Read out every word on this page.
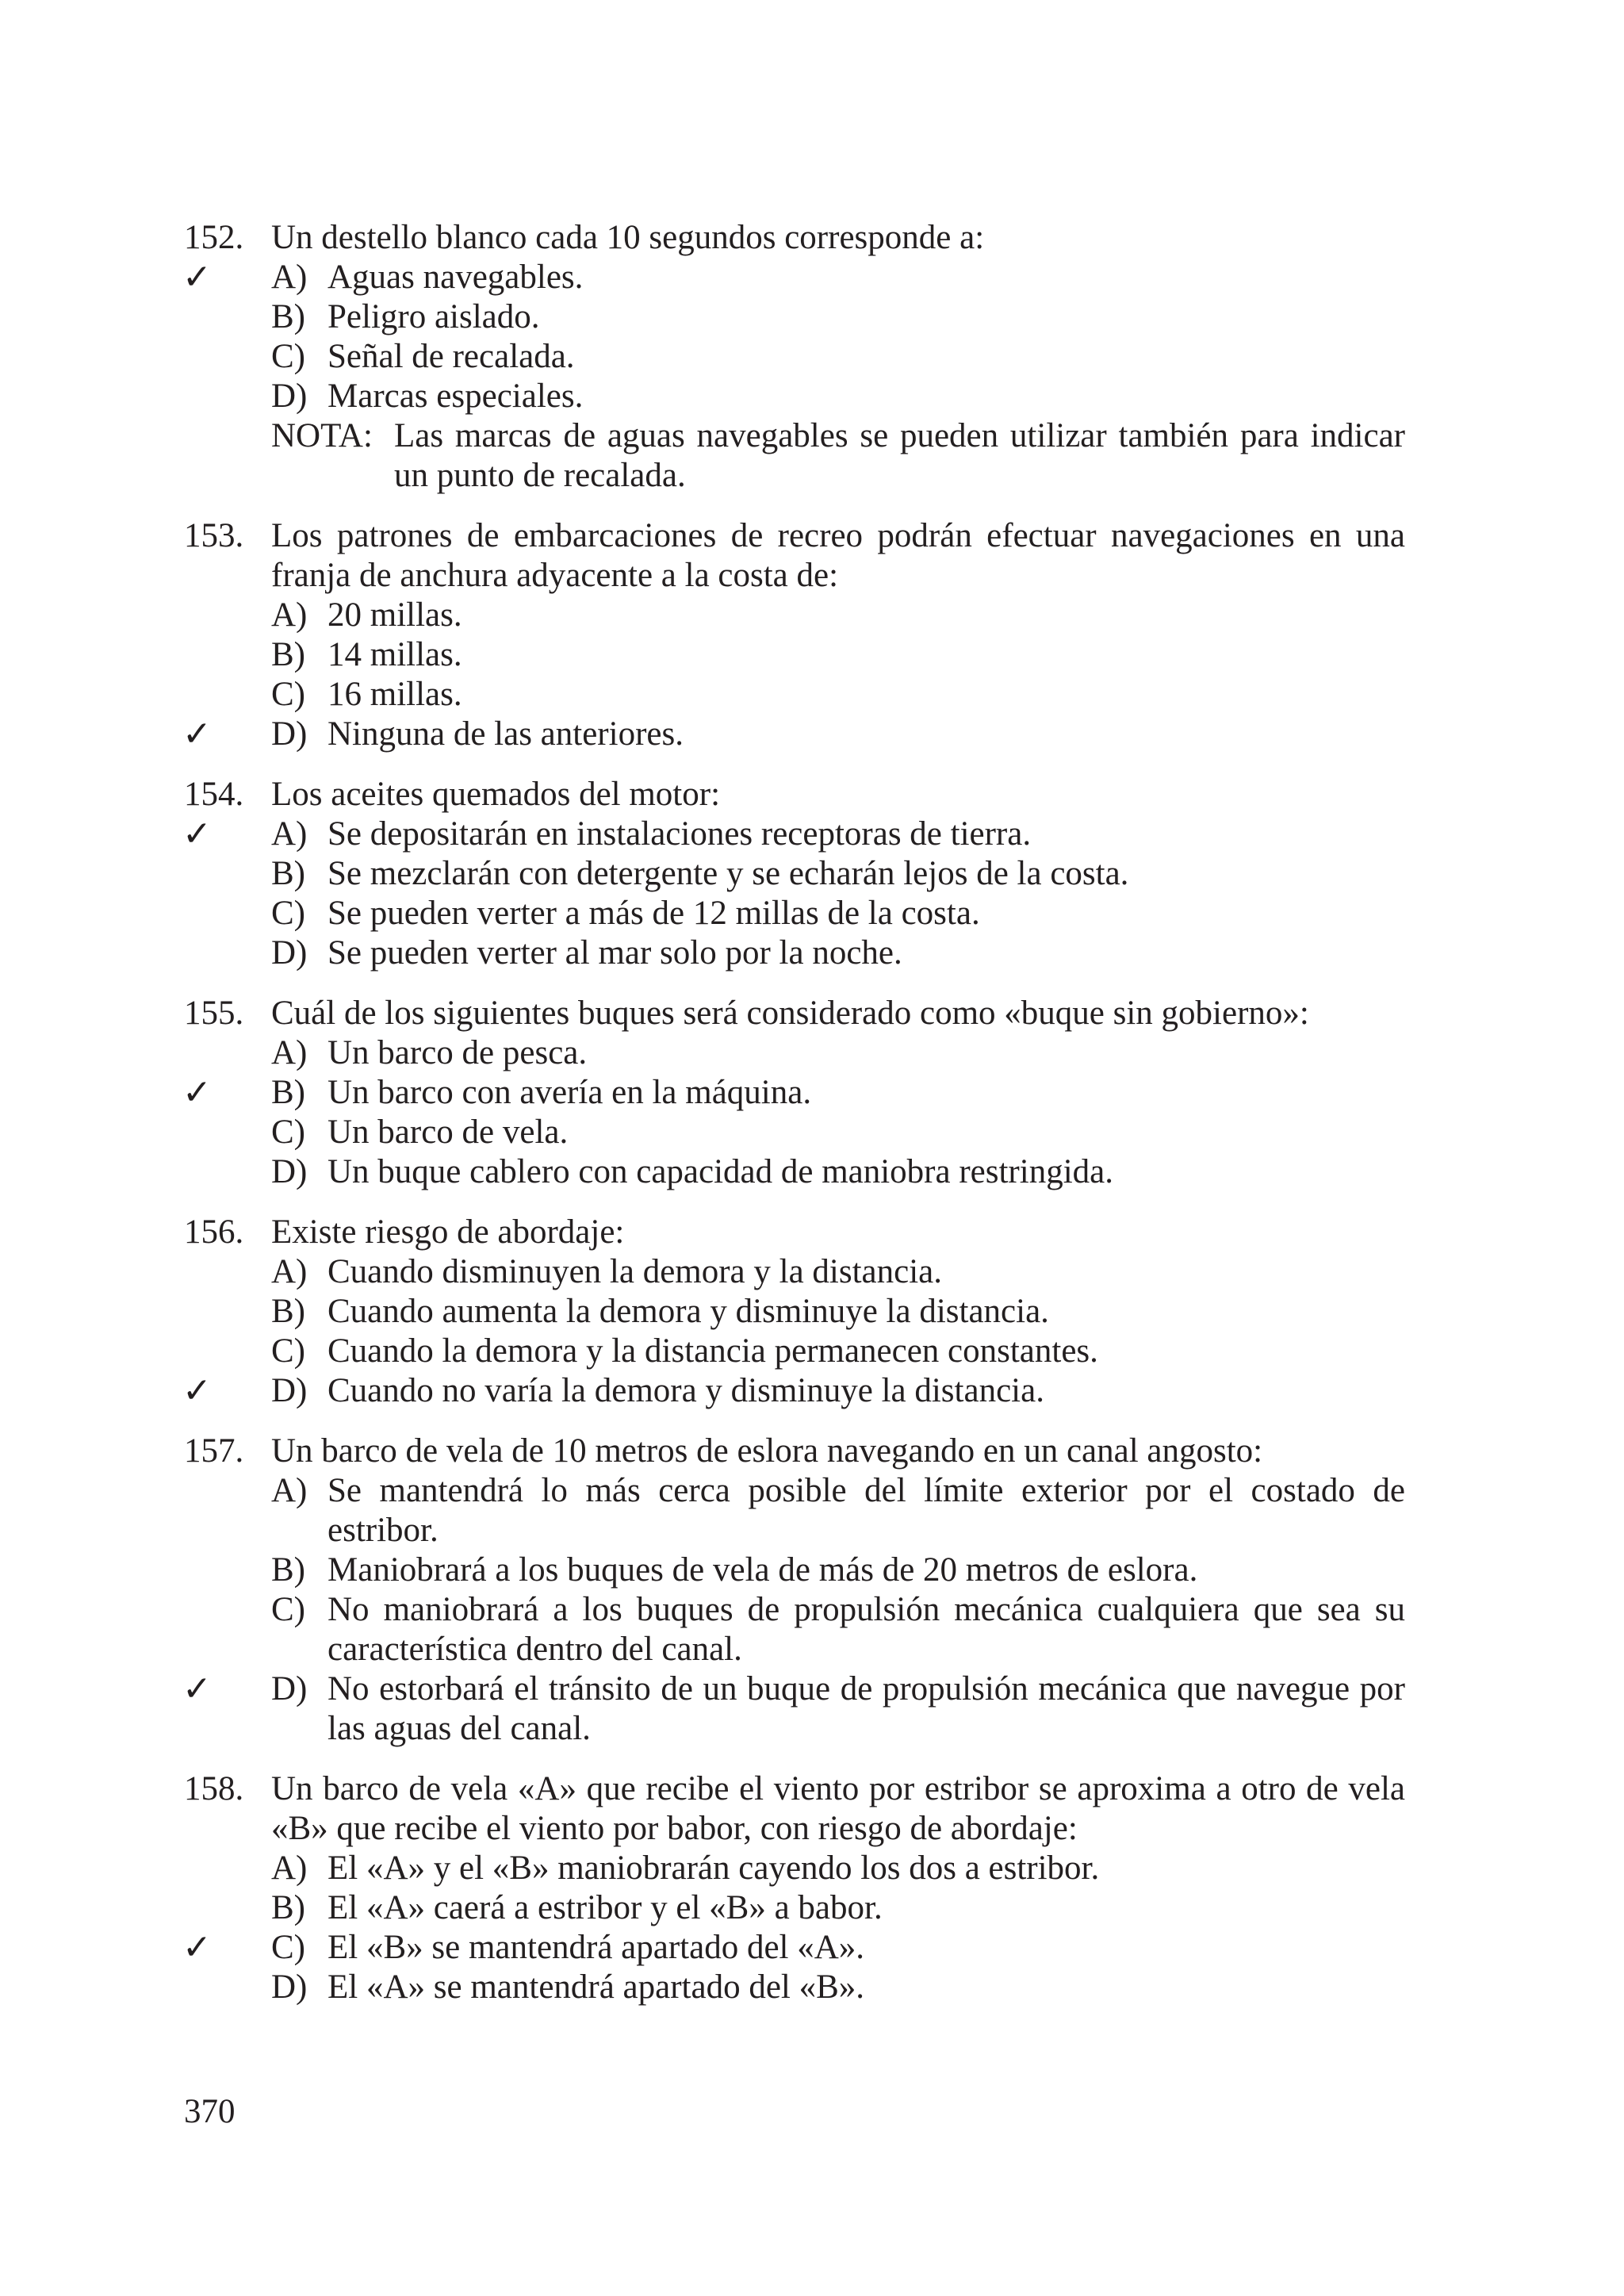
152. Un destello blanco cada 10 segundos corresponde a:
✓ A) Aguas navegables.
B) Peligro aislado.
C) Señal de recalada.
D) Marcas especiales.
NOTA: Las marcas de aguas navegables se pueden utilizar también para indicar un punto de recalada.
153. Los patrones de embarcaciones de recreo podrán efectuar navegaciones en una franja de anchura adyacente a la costa de:
A) 20 millas.
B) 14 millas.
C) 16 millas.
✓ D) Ninguna de las anteriores.
154. Los aceites quemados del motor:
✓ A) Se depositarán en instalaciones receptoras de tierra.
B) Se mezclarán con detergente y se echarán lejos de la costa.
C) Se pueden verter a más de 12 millas de la costa.
D) Se pueden verter al mar solo por la noche.
155. Cuál de los siguientes buques será considerado como «buque sin gobierno»:
A) Un barco de pesca.
✓ B) Un barco con avería en la máquina.
C) Un barco de vela.
D) Un buque cablero con capacidad de maniobra restringida.
156. Existe riesgo de abordaje:
A) Cuando disminuyen la demora y la distancia.
B) Cuando aumenta la demora y disminuye la distancia.
C) Cuando la demora y la distancia permanecen constantes.
✓ D) Cuando no varía la demora y disminuye la distancia.
157. Un barco de vela de 10 metros de eslora navegando en un canal angosto:
A) Se mantendrá lo más cerca posible del límite exterior por el costado de estribor.
B) Maniobrará a los buques de vela de más de 20 metros de eslora.
C) No maniobrará a los buques de propulsión mecánica cualquiera que sea su característica dentro del canal.
✓ D) No estorbará el tránsito de un buque de propulsión mecánica que navegue por las aguas del canal.
158. Un barco de vela «A» que recibe el viento por estribor se aproxima a otro de vela «B» que recibe el viento por babor, con riesgo de abordaje:
A) El «A» y el «B» maniobrarán cayendo los dos a estribor.
B) El «A» caerá a estribor y el «B» a babor.
✓ C) El «B» se mantendrá apartado del «A».
D) El «A» se mantendrá apartado del «B».
370
